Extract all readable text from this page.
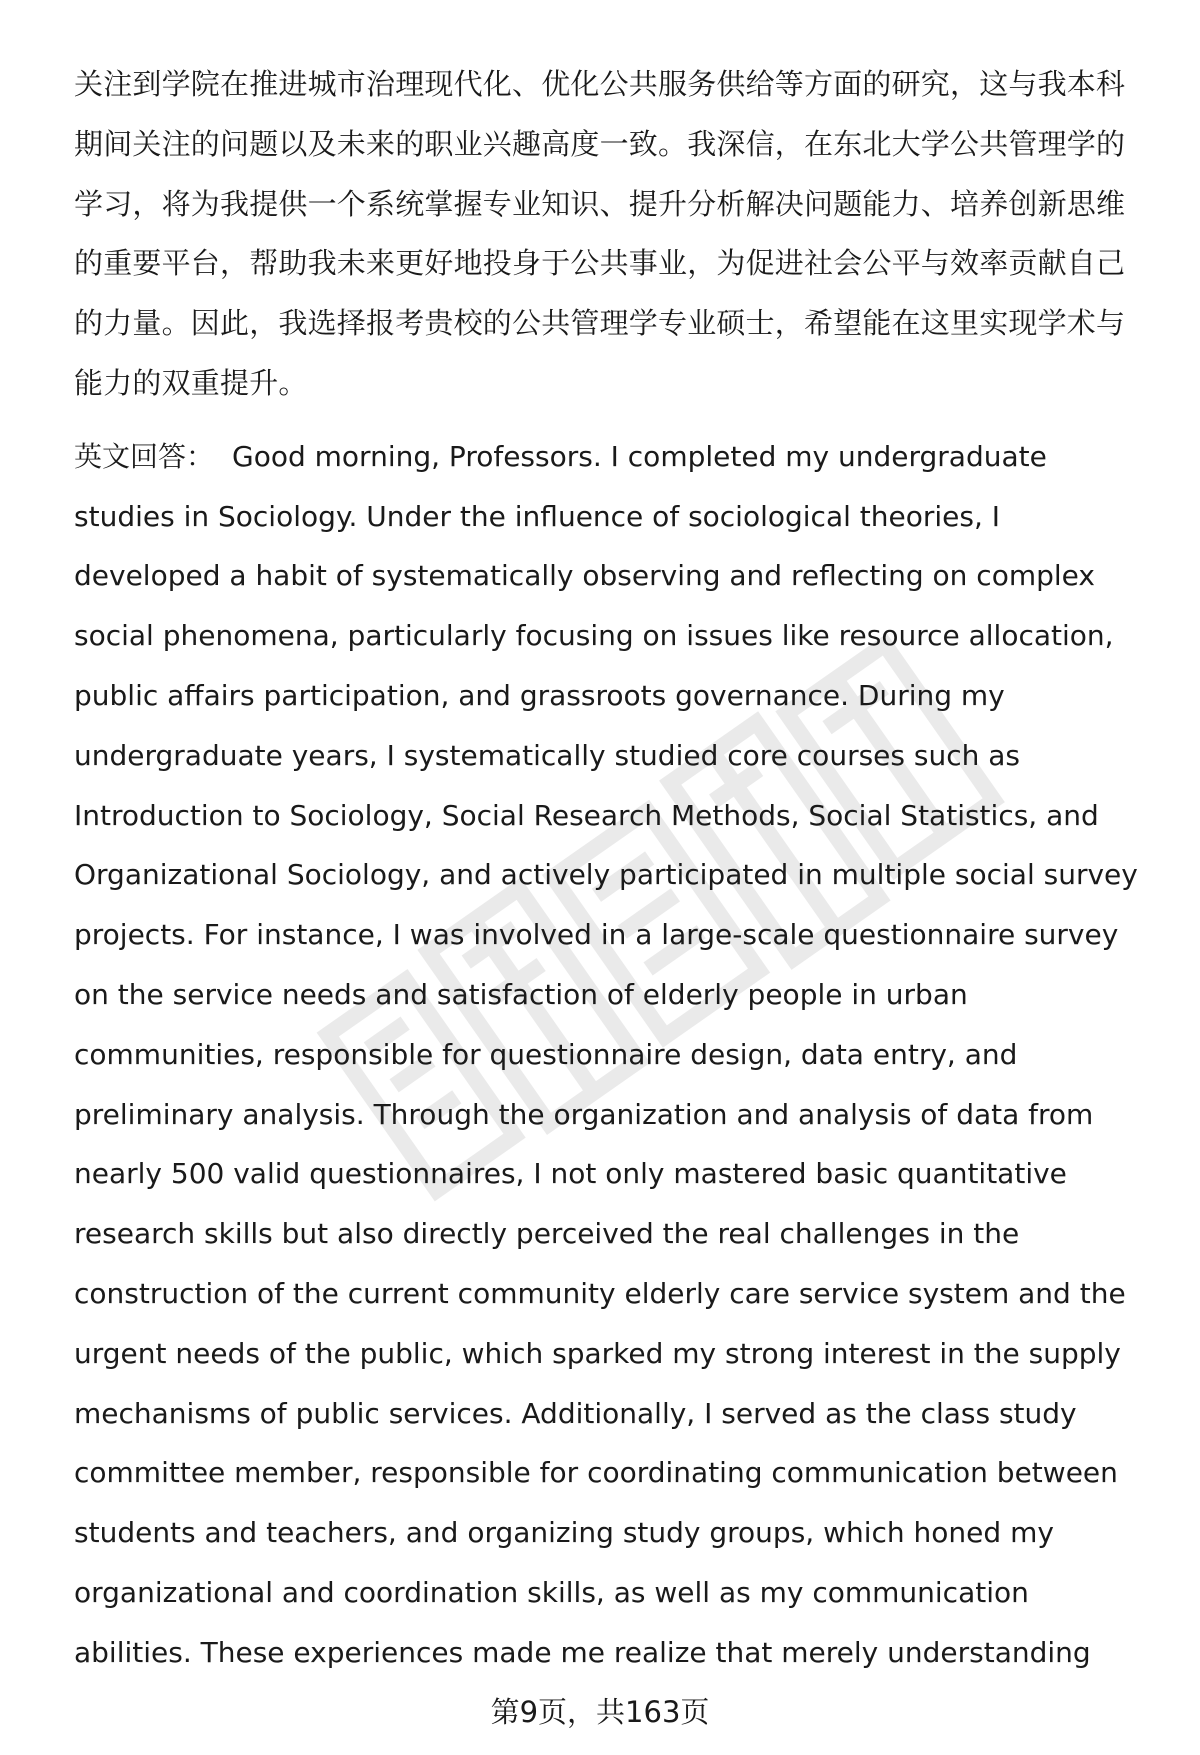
关注到学院在推进城市治理现代化、优化公共服务供给等方面的研究，这与我本科期间关注的问题以及未来的职业兴趣高度一致。我深信，在东北大学公共管理学的学习，将为我提供一个系统掌握专业知识、提升分析解决问题能力、培养创新思维的重要平台，帮助我未来更好地投身于公共事业，为促进社会公平与效率贡献自己的力量。因此，我选择报考贵校的公共管理学专业硕士，希望能在这里实现学术与能力的双重提升。

英文回答： Good morning, Professors. I completed my undergraduate studies in Sociology. Under the influence of sociological theories, I developed a habit of systematically observing and reflecting on complex social phenomena, particularly focusing on issues like resource allocation, public affairs participation, and grassroots governance. During my undergraduate years, I systematically studied core courses such as Introduction to Sociology, Social Research Methods, Social Statistics, and Organizational Sociology, and actively participated in multiple social survey projects. For instance, I was involved in a large-scale questionnaire survey on the service needs and satisfaction of elderly people in urban communities, responsible for questionnaire design, data entry, and preliminary analysis. Through the organization and analysis of data from nearly 500 valid questionnaires, I not only mastered basic quantitative research skills but also directly perceived the real challenges in the construction of the current community elderly care service system and the urgent needs of the public, which sparked my strong interest in the supply mechanisms of public services. Additionally, I served as the class study committee member, responsible for coordinating communication between students and teachers, and organizing study groups, which honed my organizational and coordination skills, as well as my communication abilities. These experiences made me realize that merely understanding

第9页，共163页
